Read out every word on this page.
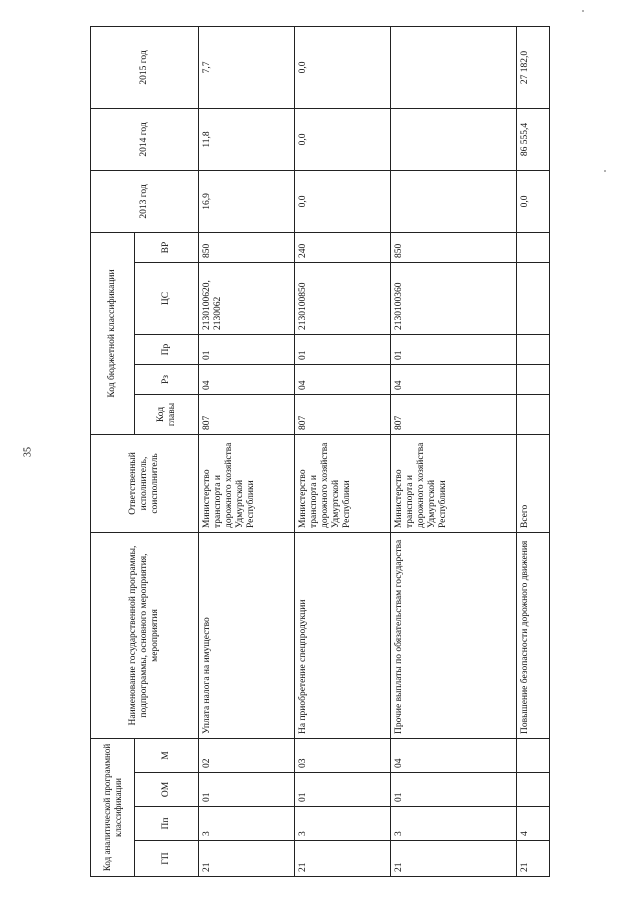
35
Код аналитической программной классификации				Наименование государственной программы, подпрограммы, основного мероприятия, мероприятия	Ответственный исполнитель, соисполнитель	Код бюджетной классификации					2013 год	2014 год	2015 год
ГП	Пп	ОМ	М			Код главы	Рз	Пр	ЦС	ВР			
21	3	01	02	Уплата налога на имущество	Министерство транспорта и дорожного хозяйства Удмуртской Республики	807	04	01	2130100620, 2130062	850	16,9	11,8	7,7
21	3	01	03	На приобретение спецпродукции	Министерство транспорта и дорожного хозяйства Удмуртской Республики	807	04	01	2130100850	240	0,0	0,0	0,0
21	3	01	04	Прочие выплаты по обязательствам государства	Министерство транспорта и дорожного хозяйства Удмуртской Республики	807	04	01	2130100360	850			
21	4			Повышение безопасности дорожного движения	Всего						0,0	86 555,4	27 182,0
